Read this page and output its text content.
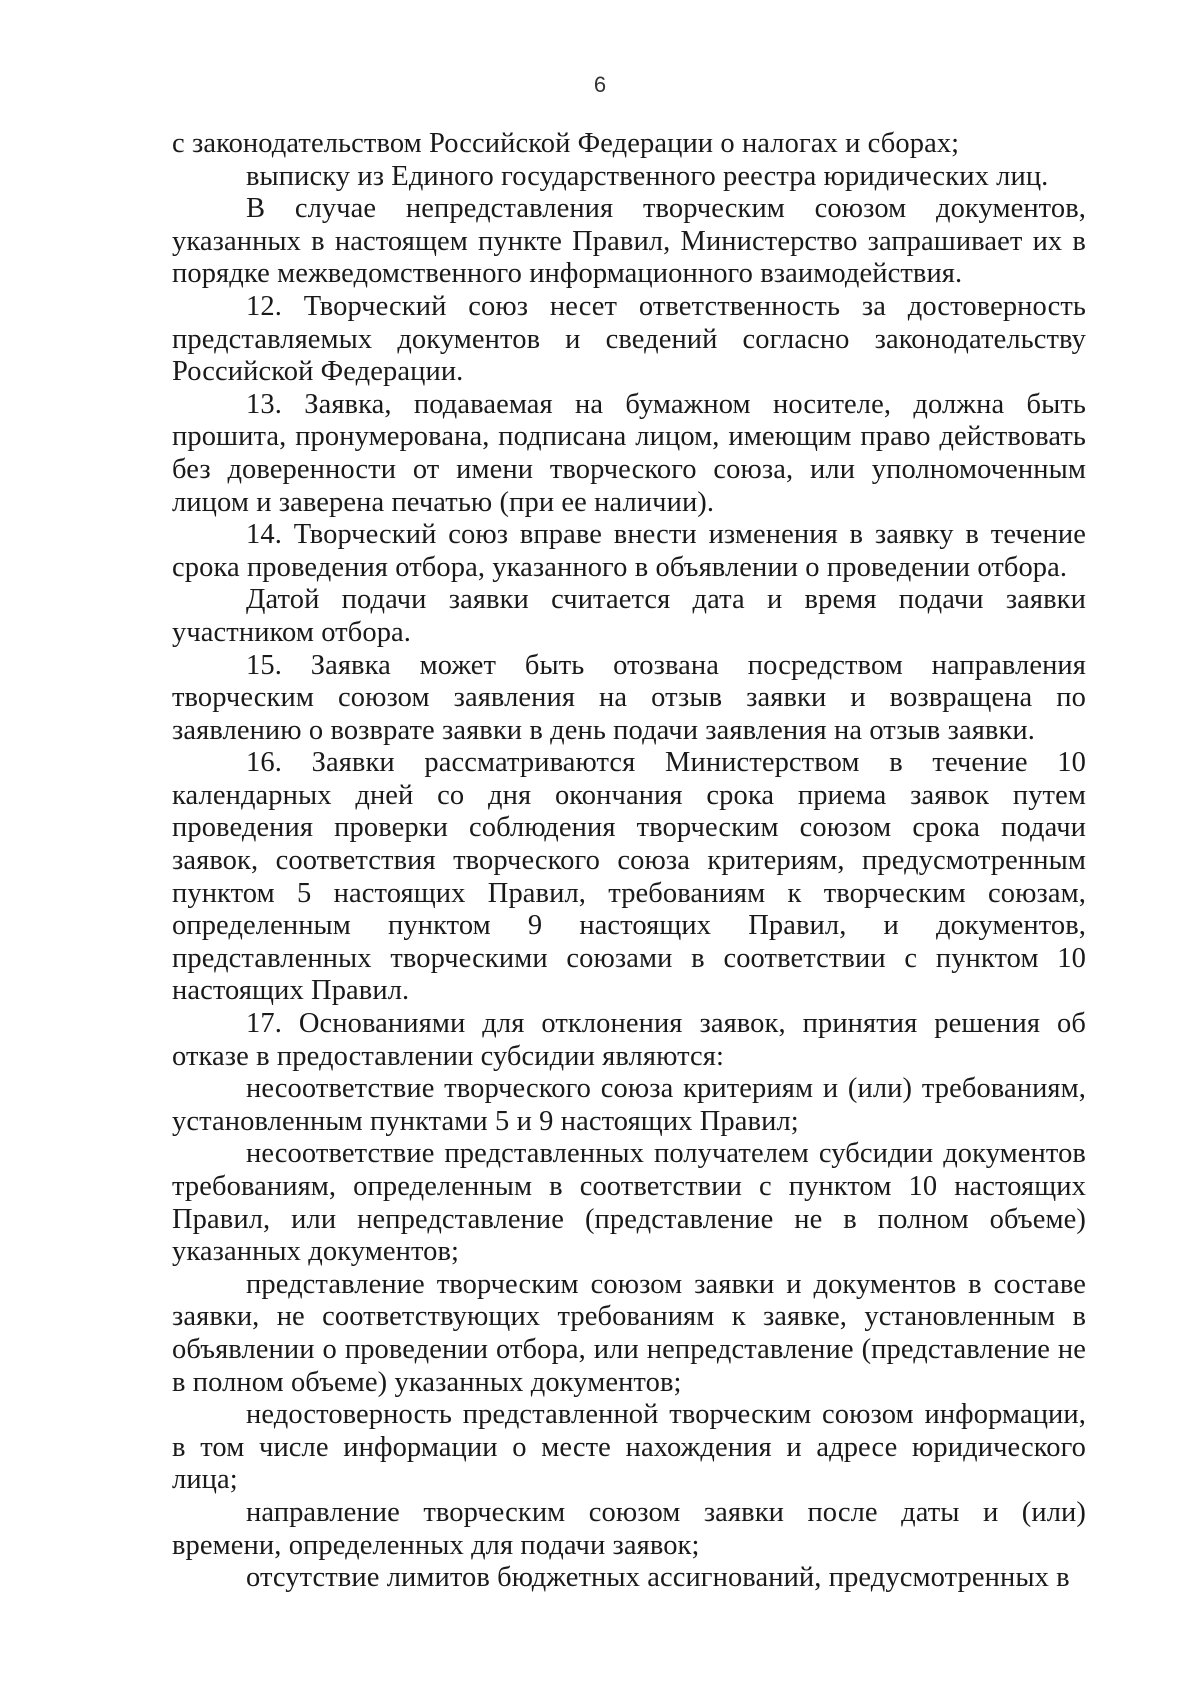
6

с законодательством Российской Федерации о налогах и сборах;

выписку из Единого государственного реестра юридических лиц.

В случае непредставления творческим союзом документов, указанных в настоящем пункте Правил, Министерство запрашивает их в порядке межведомственного информационного взаимодействия.

12. Творческий союз несет ответственность за достоверность представляемых документов и сведений согласно законодательству Российской Федерации.

13. Заявка, подаваемая на бумажном носителе, должна быть прошита, пронумерована, подписана лицом, имеющим право действовать без доверенности от имени творческого союза, или уполномоченным лицом и заверена печатью (при ее наличии).

14. Творческий союз вправе внести изменения в заявку в течение срока проведения отбора, указанного в объявлении о проведении отбора.

Датой подачи заявки считается дата и время подачи заявки участником отбора.

15. Заявка может быть отозвана посредством направления творческим союзом заявления на отзыв заявки и возвращена по заявлению о возврате заявки в день подачи заявления на отзыв заявки.

16. Заявки рассматриваются Министерством в течение 10 календарных дней со дня окончания срока приема заявок путем проведения проверки соблюдения творческим союзом срока подачи заявок, соответствия творческого союза критериям, предусмотренным пунктом 5 настоящих Правил, требованиям к творческим союзам, определенным пунктом 9 настоящих Правил, и документов, представленных творческими союзами в соответствии с пунктом 10 настоящих Правил.

17. Основаниями для отклонения заявок, принятия решения об отказе в предоставлении субсидии являются:

несоответствие творческого союза критериям и (или) требованиям, установленным пунктами 5 и 9 настоящих Правил;

несоответствие представленных получателем субсидии документов требованиям, определенным в соответствии с пунктом 10 настоящих Правил, или непредставление (представление не в полном объеме) указанных документов;

представление творческим союзом заявки и документов в составе заявки, не соответствующих требованиям к заявке, установленным в объявлении о проведении отбора, или непредставление (представление не в полном объеме) указанных документов;

недостоверность представленной творческим союзом информации, в том числе информации о месте нахождения и адресе юридического лица;

направление творческим союзом заявки после даты и (или) времени, определенных для подачи заявок;

отсутствие лимитов бюджетных ассигнований, предусмотренных в
